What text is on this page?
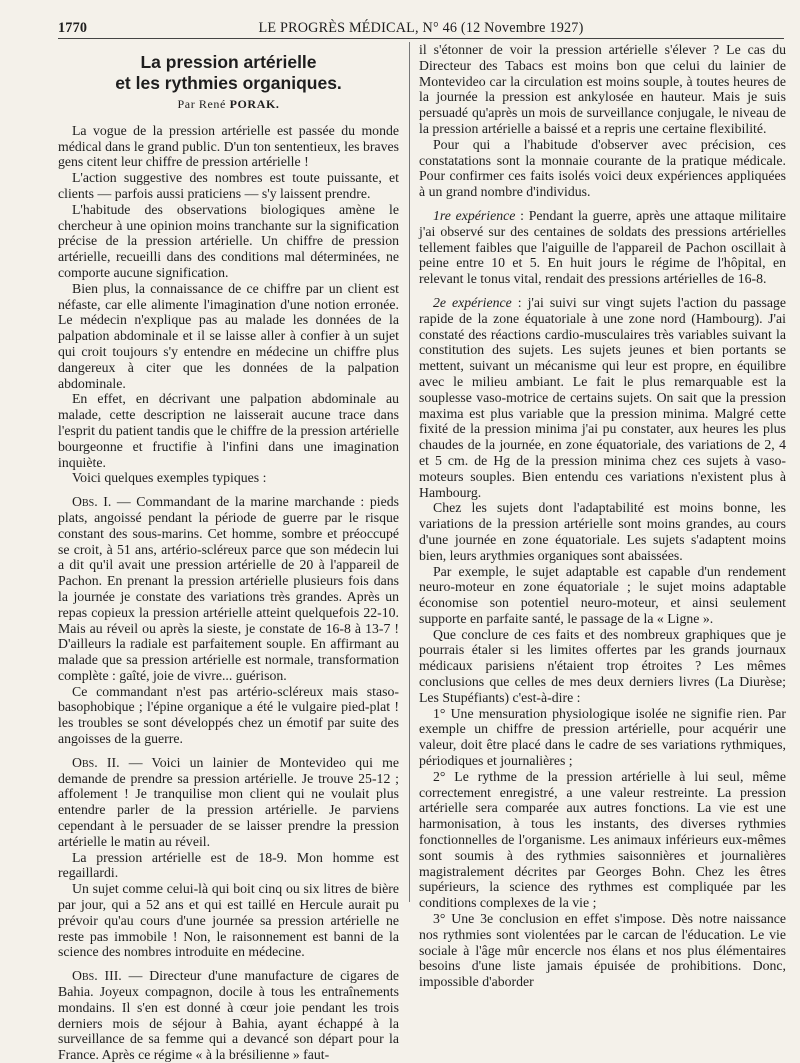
1770	LE PROGRÈS MÉDICAL, N° 46 (12 Novembre 1927)
La pression artérielle
et les rythmies organiques.
Par René PORAK.

La vogue de la pression artérielle est passée du monde médical dans le grand public. D'un ton sententieux, les braves gens citent leur chiffre de pression artérielle !

L'action suggestive des nombres est toute puissante, et clients — parfois aussi praticiens — s'y laissent prendre.

L'habitude des observations biologiques amène le chercheur à une opinion moins tranchante sur la signification précise de la pression artérielle. Un chiffre de pression artérielle, recueilli dans des conditions mal déterminées, ne comporte aucune signification.

Bien plus, la connaissance de ce chiffre par un client est néfaste, car elle alimente l'imagination d'une notion erronée. Le médecin n'explique pas au malade les données de la palpation abdominale et il se laisse aller à confier à un sujet qui croit toujours s'y entendre en médecine un chiffre plus dangereux à citer que les données de la palpation abdominale.

En effet, en décrivant une palpation abdominale au malade, cette description ne laisserait aucune trace dans l'esprit du patient tandis que le chiffre de la pression artérielle bourgeonne et fructifie à l'infini dans une imagination inquiète.

Voici quelques exemples typiques :

Obs. I. — Commandant de la marine marchande : pieds plats, angoissé pendant la période de guerre par le risque constant des sous-marins. Cet homme, sombre et préoccupé se croit, à 51 ans, artério-scléreux parce que son médecin lui a dit qu'il avait une pression artérielle de 20 à l'appareil de Pachon. En prenant la pression artérielle plusieurs fois dans la journée je constate des variations très grandes. Après un repas copieux la pression artérielle atteint quelquefois 22-10. Mais au réveil ou après la sieste, je constate de 16-8 à 13-7 ! D'ailleurs la radiale est parfaitement souple. En affirmant au malade que sa pression artérielle est normale, transformation complète : gaîté, joie de vivre... guérison.

Ce commandant n'est pas artério-scléreux mais staso-basophobique ; l'épine organique a été le vulgaire pied-plat ! les troubles se sont développés chez un émotif par suite des angoisses de la guerre.

Obs. II. — Voici un lainier de Montevideo qui me demande de prendre sa pression artérielle. Je trouve 25-12 ; affolement ! Je tranquilise mon client qui ne voulait plus entendre parler de la pression artérielle. Je parviens cependant à le persuader de se laisser prendre la pression artérielle le matin au réveil.

La pression artérielle est de 18-9. Mon homme est regaillardi.

Un sujet comme celui-là qui boit cinq ou six litres de bière par jour, qui a 52 ans et qui est taillé en Hercule aurait pu prévoir qu'au cours d'une journée sa pression artérielle ne reste pas immobile ! Non, le raisonnement est banni de la science des nombres introduite en médecine.

Obs. III. — Directeur d'une manufacture de cigares de Bahia. Joyeux compagnon, docile à tous les entraînements mondains. Il s'en est donné à cœur joie pendant les trois derniers mois de séjour à Bahia, ayant échappé à la surveillance de sa femme qui a devancé son départ pour la France. Après ce régime « à la brésilienne » faut-

il s'étonner de voir la pression artérielle s'élever ? Le cas du Directeur des Tabacs est moins bon que celui du lainier de Montevideo car la circulation est moins souple, à toutes heures de la journée la pression est ankylosée en hauteur. Mais je suis persuadé qu'après un mois de surveillance conjugale, le niveau de la pression artérielle a baissé et a repris une certaine flexibilité.

Pour qui a l'habitude d'observer avec précision, ces constatations sont la monnaie courante de la pratique médicale. Pour confirmer ces faits isolés voici deux expériences appliquées à un grand nombre d'individus.

1re expérience : Pendant la guerre, après une attaque militaire j'ai observé sur des centaines de soldats des pressions artérielles tellement faibles que l'aiguille de l'appareil de Pachon oscillait à peine entre 10 et 5. En huit jours le régime de l'hôpital, en relevant le tonus vital, rendait des pressions artérielles de 16-8.

2e expérience : j'ai suivi sur vingt sujets l'action du passage rapide de la zone équatoriale à une zone nord (Hambourg). J'ai constaté des réactions cardio-musculaires très variables suivant la constitution des sujets. Les sujets jeunes et bien portants se mettent, suivant un mécanisme qui leur est propre, en équilibre avec le milieu ambiant. Le fait le plus remarquable est la souplesse vaso-motrice de certains sujets. On sait que la pression maxima est plus variable que la pression minima. Malgré cette fixité de la pression minima j'ai pu constater, aux heures les plus chaudes de la journée, en zone équatoriale, des variations de 2, 4 et 5 cm. de Hg de la pression minima chez ces sujets à vaso-moteurs souples. Bien entendu ces variations n'existent plus à Hambourg.

Chez les sujets dont l'adaptabilité est moins bonne, les variations de la pression artérielle sont moins grandes, au cours d'une journée en zone équatoriale. Les sujets s'adaptent moins bien, leurs arythmies organiques sont abaissées.

Par exemple, le sujet adaptable est capable d'un rendement neuro-moteur en zone équatoriale ; le sujet moins adaptable économise son potentiel neuro-moteur, et ainsi seulement supporte en parfaite santé, le passage de la « Ligne ».

Que conclure de ces faits et des nombreux graphiques que je pourrais étaler si les limites offertes par les grands journaux médicaux parisiens n'étaient trop étroites ? Les mêmes conclusions que celles de mes deux derniers livres (La Diurèse; Les Stupéfiants) c'est-à-dire :

1° Une mensuration physiologique isolée ne signifie rien. Par exemple un chiffre de pression artérielle, pour acquérir une valeur, doit être placé dans le cadre de ses variations rythmiques, périodiques et journalières ;

2° Le rythme de la pression artérielle à lui seul, même correctement enregistré, a une valeur restreinte. La pression artérielle sera comparée aux autres fonctions. La vie est une harmonisation, à tous les instants, des diverses rythmies fonctionnelles de l'organisme. Les animaux inférieurs eux-mêmes sont soumis à des rythmies saisonnières et journalières magistralement décrites par Georges Bohn. Chez les êtres supérieurs, la science des rythmes est compliquée par les conditions complexes de la vie ;

3° Une 3e conclusion en effet s'impose. Dès notre naissance nos rythmies sont violentées par le carcan de l'éducation. Le vie sociale à l'âge mûr encercle nos élans et nos plus élémentaires besoins d'une liste jamais épuisée de prohibitions. Donc, impossible d'aborder
